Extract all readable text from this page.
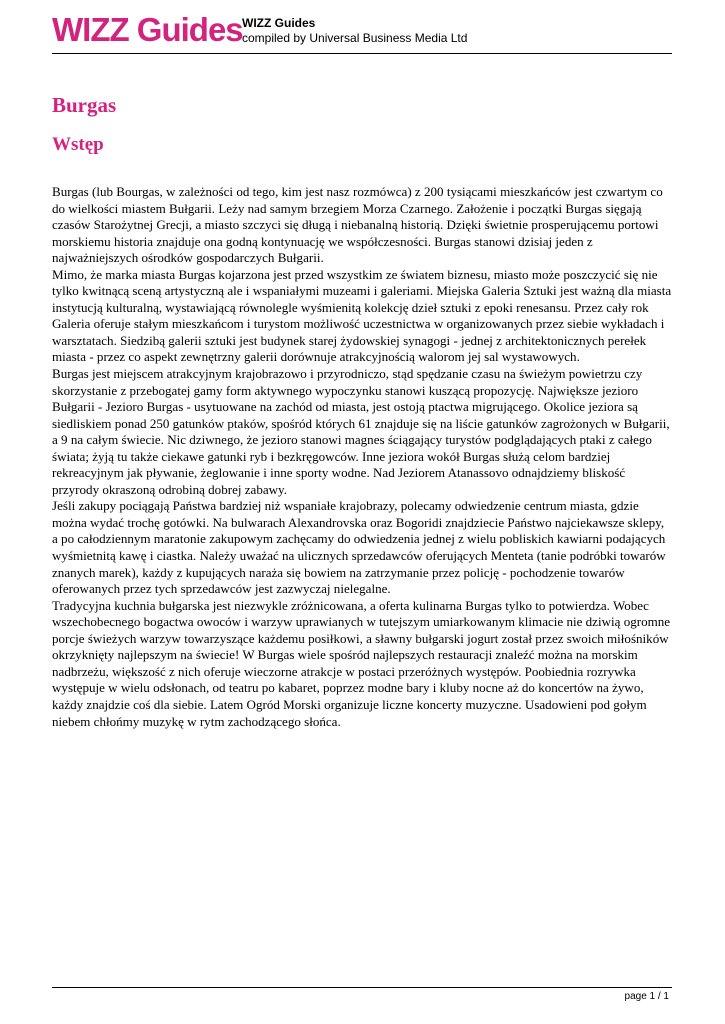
WIZZ Guides WIZZ Guides
compiled by Universal Business Media Ltd
Burgas
Wstęp

Burgas (lub Bourgas, w zależności od tego, kim jest nasz rozmówca) z 200 tysiącami mieszkańców jest czwartym co do wielkości miastem Bułgarii. Leży nad samym brzegiem Morza Czarnego. Założenie i początki Burgas sięgają czasów Starożytnej Grecji, a miasto szczyci się długą i niebanalną historią. Dzięki świetnie prosperującemu portowi morskiemu historia znajduje ona godną kontynuację we współczesności. Burgas stanowi dzisiaj jeden z najważniejszych ośrodków gospodarczych Bułgarii.

Mimo, że marka miasta Burgas kojarzona jest przed wszystkim ze światem biznesu, miasto może poszczycić się nie tylko kwitnącą sceną artystyczną ale i wspaniałymi muzeami i galeriami. Miejska Galeria Sztuki jest ważną dla miasta instytucją kulturalną, wystawiającą równolegle wyśmienitą kolekcję dzieł sztuki z epoki renesansu. Przez cały rok Galeria oferuje stałym mieszkańcom i turystom możliwość uczestnictwa w organizowanych przez siebie wykładach i warsztatach. Siedzibą galerii sztuki jest budynek starej żydowskiej synagogi - jednej z architektonicznych perełek miasta - przez co aspekt zewnętrzny galerii dorównuje atrakcyjnością walorom jej sal wystawowych.

Burgas jest miejscem atrakcyjnym krajobrazowo i przyrodniczo, stąd spędzanie czasu na świeżym powietrzu czy skorzystanie z przebogatej gamy form aktywnego wypoczynku stanowi kuszącą propozycję. Największe jezioro Bułgarii - Jezioro Burgas - usytuowane na zachód od miasta, jest ostoją ptactwa migrującego. Okolice jeziora są siedliskiem ponad 250 gatunków ptaków, spośród których 61 znajduje się na liście gatunków zagrożonych w Bułgarii, a 9 na całym świecie. Nic dziwnego, że jezioro stanowi magnes ściągający turystów podglądających ptaki z całego świata; żyją tu także ciekawe gatunki ryb i bezkręgowców. Inne jeziora wokół Burgas służą celom bardziej rekreacyjnym jak pływanie, żeglowanie i inne sporty wodne. Nad Jeziorem Atanassovo odnajdziemy bliskość przyrody okraszoną odrobiną dobrej zabawy.

Jeśli zakupy pociągają Państwa bardziej niż wspaniałe krajobrazy, polecamy odwiedzenie centrum miasta, gdzie można wydać trochę gotówki. Na bulwarach Alexandrovska oraz Bogoridi znajdziecie Państwo najciekawsze sklepy, a po całodziennym maratonie zakupowym zachęcamy do odwiedzenia jednej z wielu pobliskich kawiarni podających wyśmietnitą kawę i ciastka. Należy uważać na ulicznych sprzedawców oferujących Menteta (tanie podróbki towarów znanych marek), każdy z kupujących naraża się bowiem na zatrzymanie przez policję - pochodzenie towarów oferowanych przez tych sprzedawców jest zazwyczaj nielegalne.

Tradycyjna kuchnia bułgarska jest niezwykle zróżnicowana, a oferta kulinarna Burgas tylko to potwierdza. Wobec wszechobecnego bogactwa owoców i warzyw uprawianych w tutejszym umiarkowanym klimacie nie dziwią ogromne porcje świeżych warzyw towarzyszące każdemu posiłkowi, a sławny bułgarski jogurt został przez swoich miłośników okrzyknięty najlepszym na świecie! W Burgas wiele spośród najlepszych restauracji znaleźć można na morskim nadbrzeżu, większość z nich oferuje wieczorne atrakcje w postaci przeróżnych występów. Poobiednia rozrywka występuje w wielu odsłonach, od teatru po kabaret, poprzez modne bary i kluby nocne aż do koncertów na żywo, każdy znajdzie coś dla siebie. Latem Ogród Morski organizuje liczne koncerty muzyczne. Usadowieni pod gołym niebem chłońmy muzykę w rytm zachodzącego słońca.

page 1 / 1
